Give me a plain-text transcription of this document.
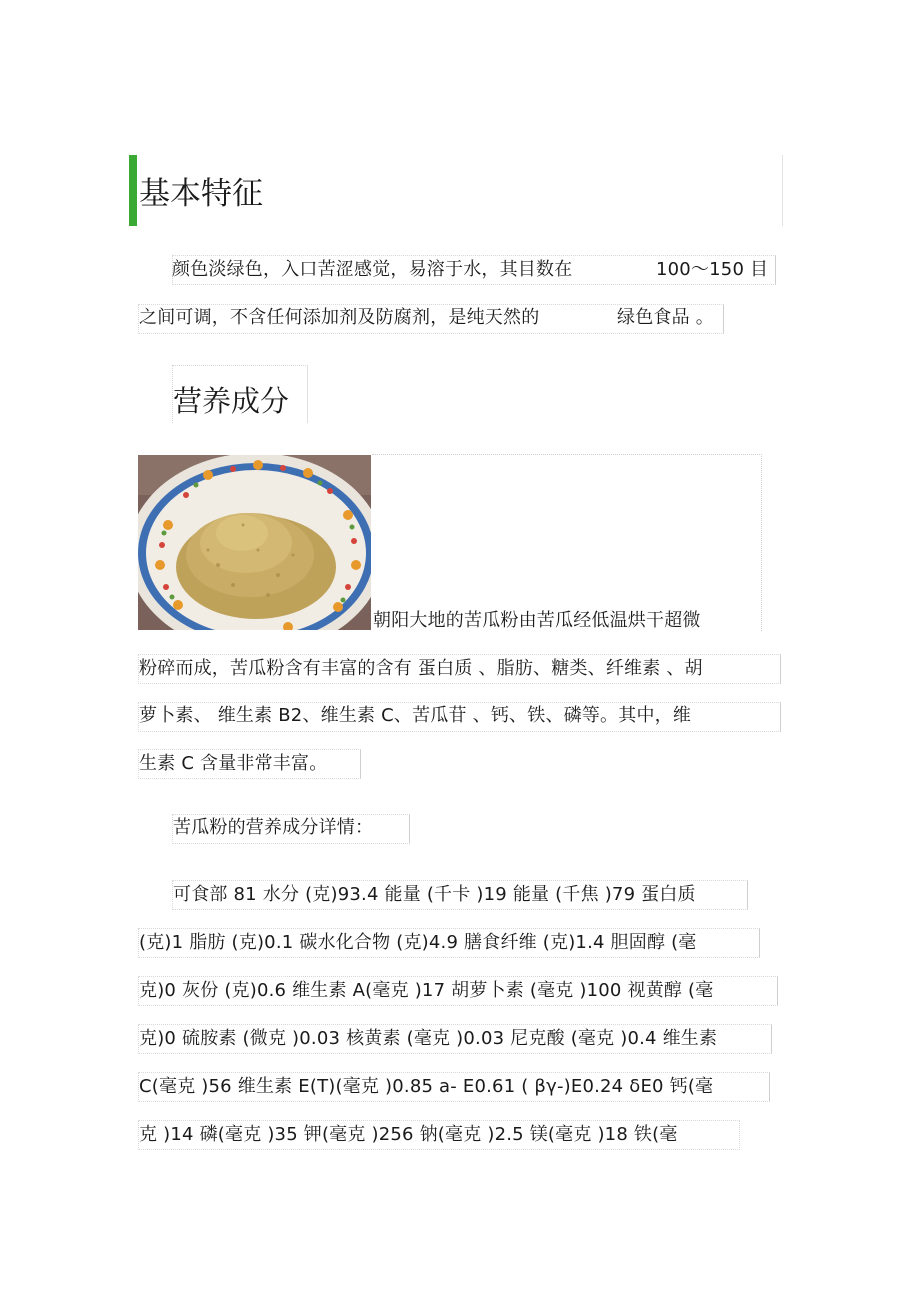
基本特征
颜色淡绿色，入口苦涩感觉，易溶于水，其目数在	100～150 目
之间可调，不含任何添加剂及防腐剂，是纯天然的	绿色食品 。
营养成分
朝阳大地的苦瓜粉由苦瓜经低温烘干超微
粉碎而成，苦瓜粉含有丰富的含有 蛋白质 、脂肪、糖类、纤维素 、胡
萝卜素、 维生素 B2、维生素 C、苦瓜苷 、钙、铁、磷等。其中，维
生素 C 含量非常丰富。
苦瓜粉的营养成分详情：
可食部 81 水分 (克)93.4 能量 (千卡 )19 能量 (千焦 )79 蛋白质
(克)1 脂肪 (克)0.1 碳水化合物 (克)4.9 膳食纤维 (克)1.4 胆固醇 (毫
克)0 灰份 (克)0.6 维生素 A(毫克 )17 胡萝卜素 (毫克 )100 视黄醇 (毫
克)0 硫胺素 (微克 )0.03 核黄素 (毫克 )0.03 尼克酸 (毫克 )0.4 维生素
C(毫克 )56 维生素 E(T)(毫克 )0.85 a- E0.61 ( βγ-)E0.24 δE0 钙(毫
克 )14 磷(毫克 )35 钾(毫克 )256 钠(毫克 )2.5 镁(毫克 )18 铁(毫
